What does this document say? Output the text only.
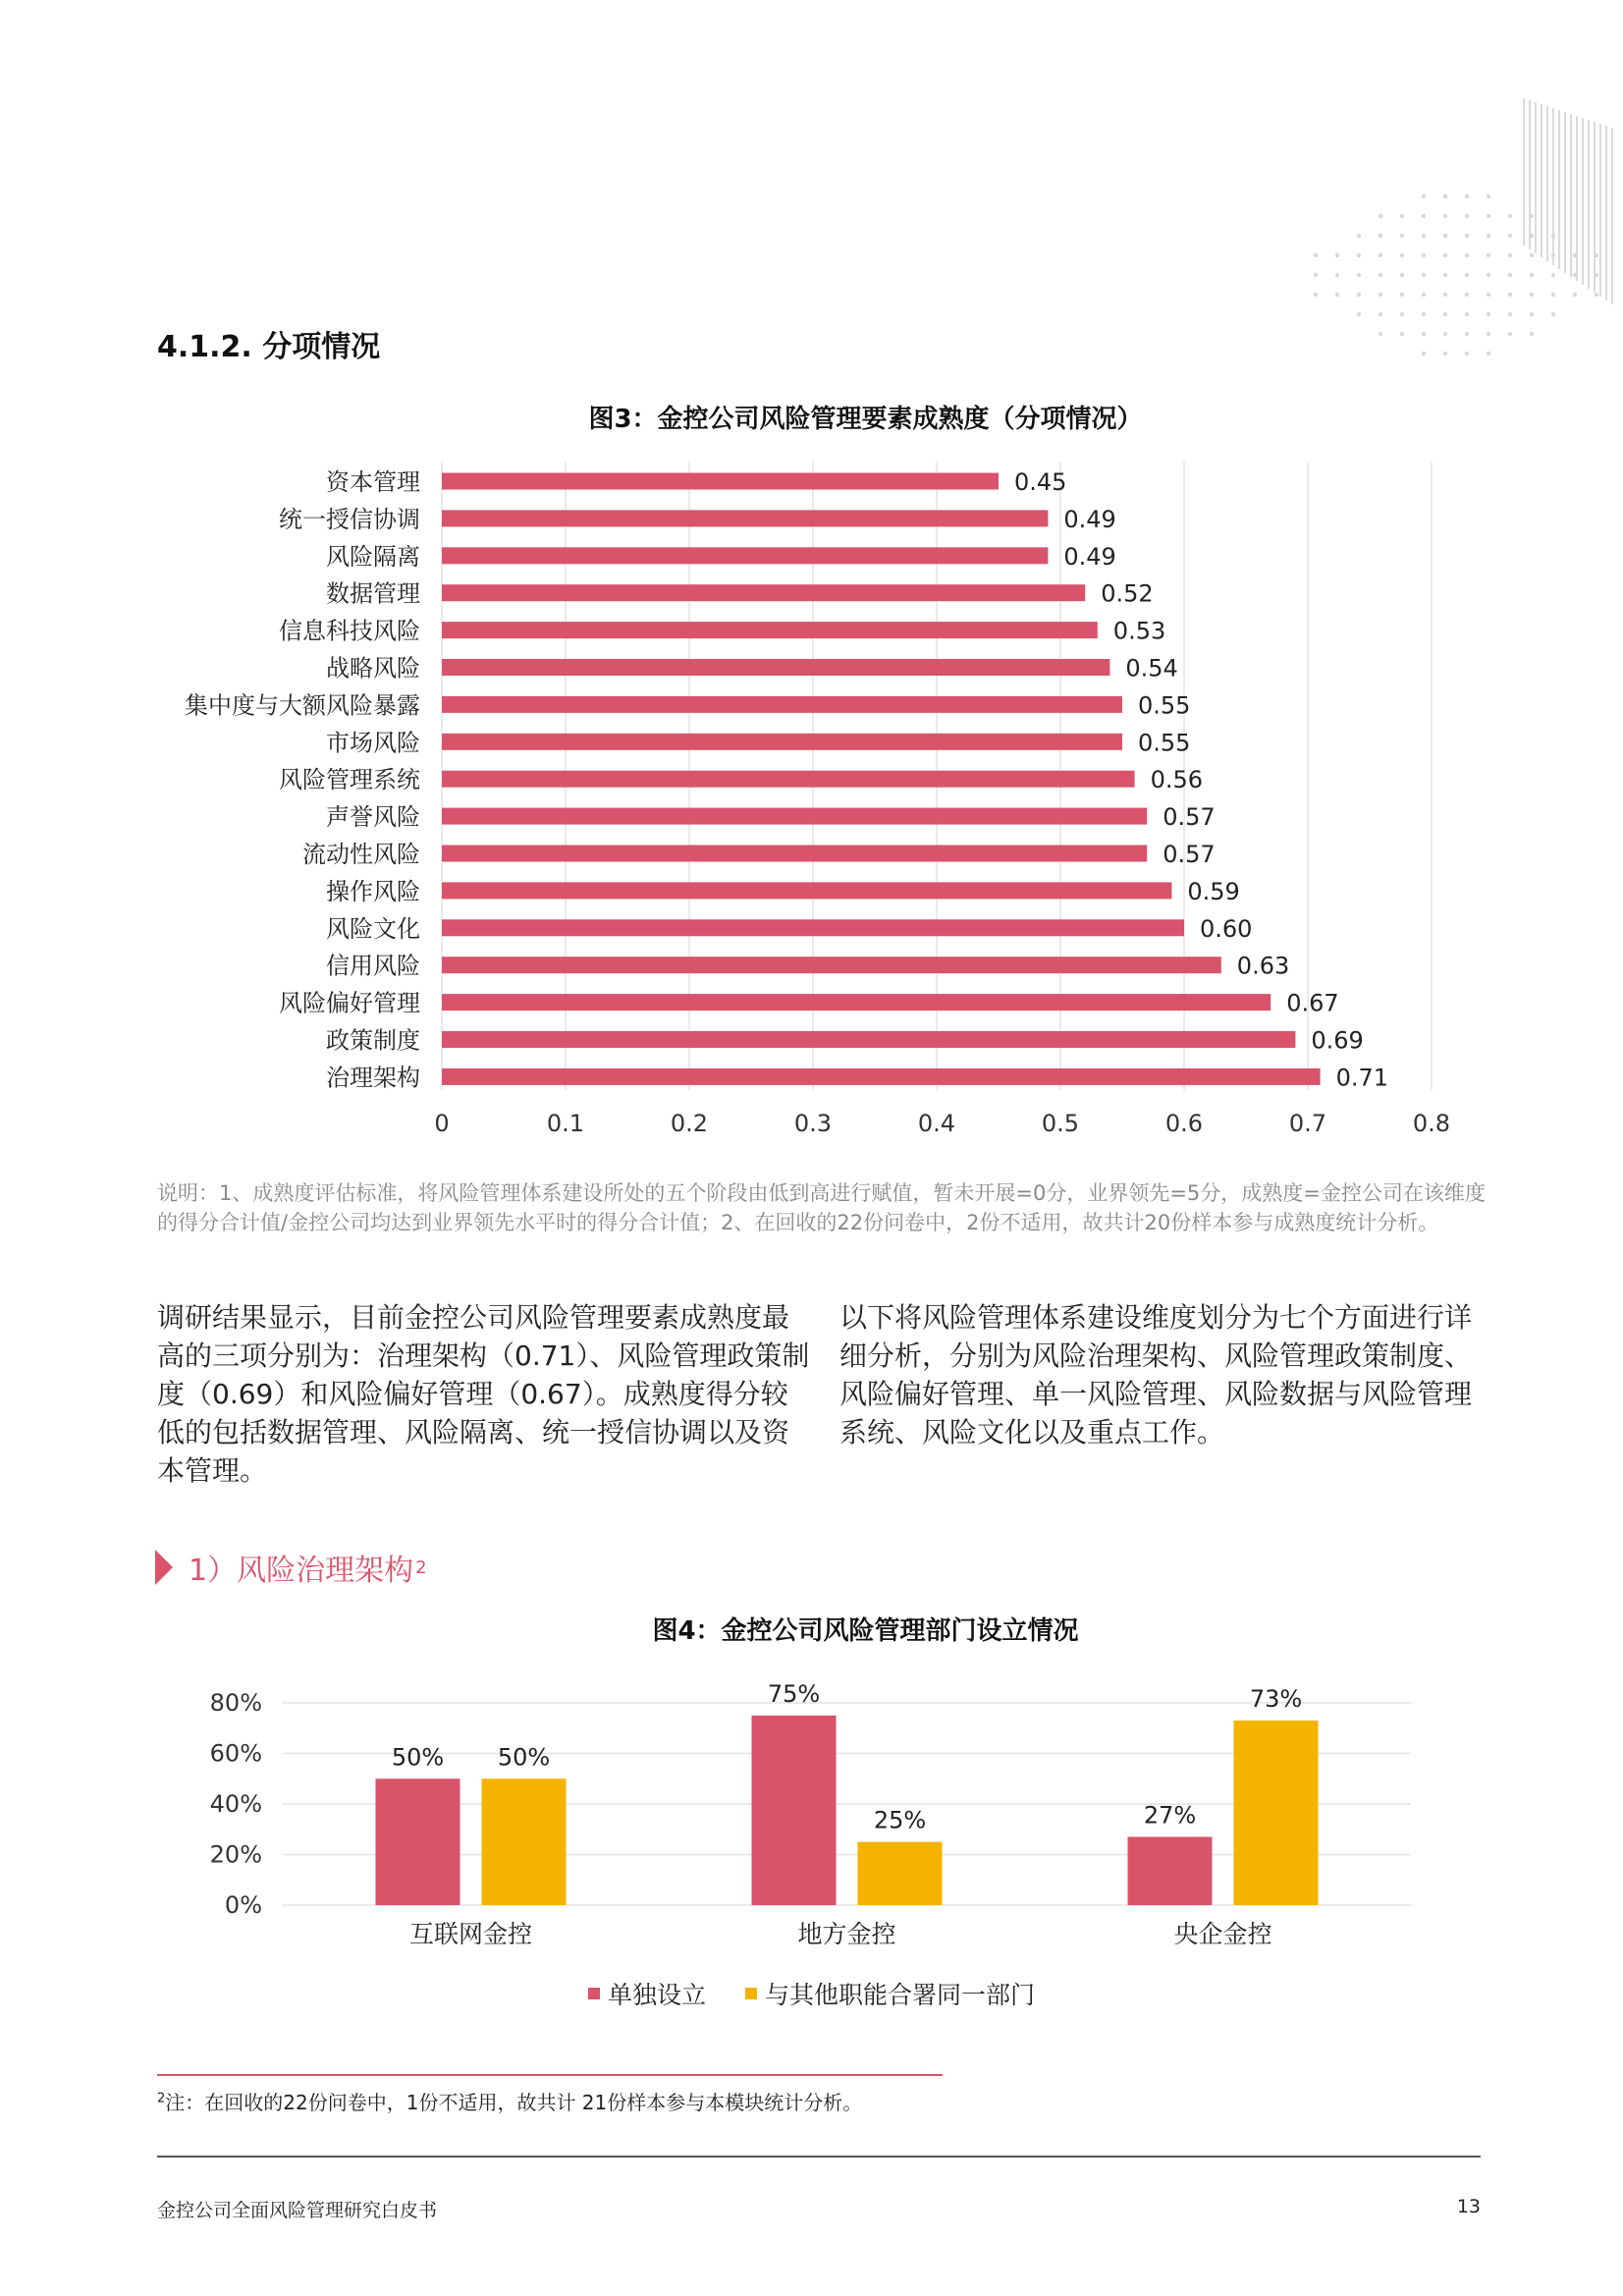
4.1.2. 分项情况
图3：金控公司风险管理要素成熟度（分项情况）
0	0.1	0.2	0.3	0.4	0.5	0.6	0.7	0.8
资本管理	0.45
统一授信协调	0.49
风险隔离	0.49
数据管理	0.52
信息科技风险	0.53
战略风险	0.54
集中度与大额风险暴露	0.55
市场风险	0.55
风险管理系统	0.56
声誉风险	0.57
流动性风险	0.57
操作风险	0.59
风险文化	0.60
信用风险	0.63
风险偏好管理	0.67
政策制度	0.69
治理架构	0.71
说明：1、成熟度评估标准，将风险管理体系建设所处的五个阶段由低到高进行赋值，暂未开展=0分，业界领先=5分，成熟度=金控公司在该维度的得分合计值/金控公司均达到业界领先水平时的得分合计值；2、在回收的22份问卷中，2份不适用，故共计20份样本参与成熟度统计分析。
调研结果显示，目前金控公司风险管理要素成熟度最高的三项分别为：治理架构（0.71）、风险管理政策制度（0.69）和风险偏好管理（0.67）。成熟度得分较低的包括数据管理、风险隔离、统一授信协调以及资本管理。
以下将风险管理体系建设维度划分为七个方面进行详细分析，分别为风险治理架构、风险管理政策制度、风险偏好管理、单一风险管理、风险数据与风险管理系统、风险文化以及重点工作。
1）风险治理架构 2
图4：金控公司风险管理部门设立情况
0%
20%
40%
60%
80%
互联网金控
50% 50%
地方金控
75%
25%
央企金控
27%
73%
单独设立 与其他职能合署同一部门
$^2$注：在回收的22份问卷中，1份不适用，故共计 21份样本参与本模块统计分析。
金控公司全面风险管理研究白皮书	13
